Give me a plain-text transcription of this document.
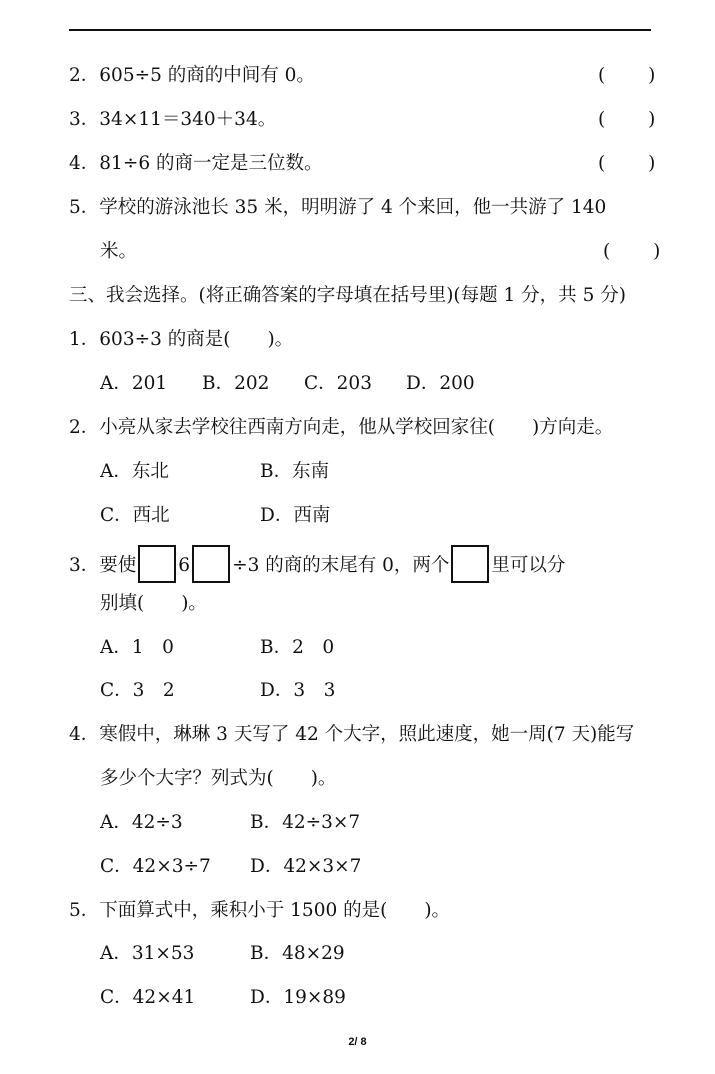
2．605÷5 的商的中间有 0。	(　 　)
3．34×11＝340＋34。	(　 　)
4．81÷6 的商一定是三位数。	(　 　)
5．学校的游泳池长 35 米，明明游了 4 个来回，他一共游了 140
米。	(　 　)
三、我会选择。(将正确答案的字母填在括号里)(每题 1 分，共 5 分)
1．603÷3 的商是(　　)。
A．201 B．202 C．203 D．200
2．小亮从家去学校往西南方向走，他从学校回家往(　　)方向走。
A．东北	B．东南
C．西北	D．西南
3．要使 6 ÷3 的商的末尾有 0，两个 里可以分
别填(　　)。
A．1　0	B．2　0
C．3　2	D．3　3
4．寒假中，琳琳 3 天写了 42 个大字，照此速度，她一周(7 天)能写
多少个大字？列式为(　　)。
A．42÷3	B．42÷3×7
C．42×3÷7 D．42×3×7
5．下面算式中，乘积小于 1500 的是(　　)。
A．31×53	B．48×29
C．42×41	D．19×89
2/ 8
